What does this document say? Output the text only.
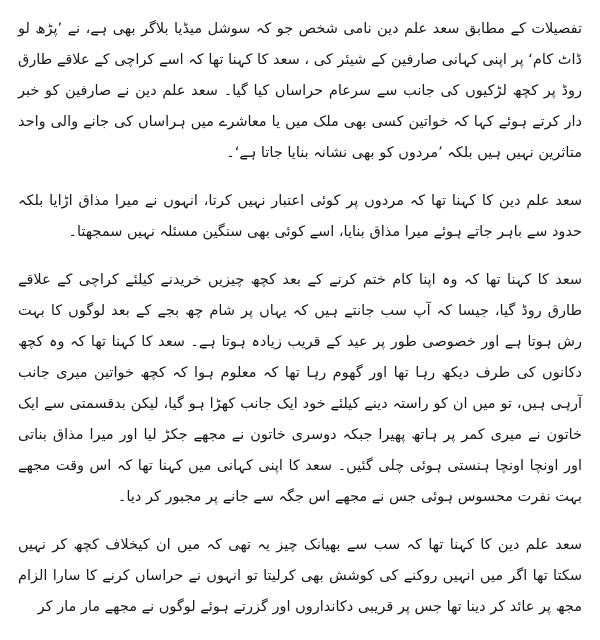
تفصیلات کے مطابق سعد علم دین نامی شخص جو کہ سوشل میڈیا بلاگر بھی ہے، نے ’پڑھ لو ڈاٹ کام‘ پر اپنی کہانی صارفین کے شیئر کی ، سعد کا کہنا تھا کہ اسے کراچی کے علاقے طارق روڈ پر کچھ لڑکیوں کی جانب سے سرعام حراساں کیا گیا۔ سعد علم دین نے صارفین کو خبر دار کرتے ہوئے کہا کہ خواتین کسی بھی ملک میں یا معاشرے میں ہراساں کی جانے والی واحد متاثرین نہیں ہیں بلکہ ’مردوں کو بھی نشانہ بنایا جاتا ہے‘۔

سعد علم دین کا کہنا تھا کہ مردوں پر کوئی اعتبار نہیں کرتا، انہوں نے میرا مذاق اڑایا بلکہ حدود سے باہر جاتے ہوئے میرا مذاق بنایا، اسے کوئی بھی سنگین مسئلہ نہیں سمجھتا۔

سعد کا کہنا تھا کہ وہ اپنا کام ختم کرنے کے بعد کچھ چیزیں خریدنے کیلئے کراچی کے علاقے طارق روڈ گیا، جیسا کہ آپ سب جانتے ہیں کہ یہاں پر شام چھ بجے کے بعد لوگوں کا بہت رش ہوتا ہے اور خصوصی طور پر عید کے قریب زیادہ ہوتا ہے۔ سعد کا کہنا تھا کہ وہ کچھ دکانوں کی طرف دیکھ رہا تھا اور گھوم رہا تھا کہ معلوم ہوا کہ کچھ خواتین میری جانب آرہی ہیں، تو میں ان کو راستہ دینے کیلئے خود ایک جانب کھڑا ہو گیا، لیکن بدقسمتی سے ایک خاتون نے میری کمر پر ہاتھ پھیرا جبکہ دوسری خاتون نے مجھے جکڑ لیا اور میرا مذاق بناتی اور اونچا اونچا ہنستی ہوئی چلی گئیں۔ سعد کا اپنی کہانی میں کہنا تھا کہ اس وقت مجھے بہت نفرت محسوس ہوئی جس نے مجھے اس جگہ سے جانے پر مجبور کر دیا۔

سعد علم دین کا کہنا تھا کہ سب سے بھیانک چیز یہ تھی کہ میں ان کیخلاف کچھ کر نہیں سکتا تھا اگر میں انہیں روکنے کی کوشش بھی کرلیتا تو انہوں نے حراساں کرنے کا سارا الزام مجھ پر عائد کر دینا تھا جس پر قریبی دکانداروں اور گزرتے ہوئے لوگوں نے مجھے مار مار کر
